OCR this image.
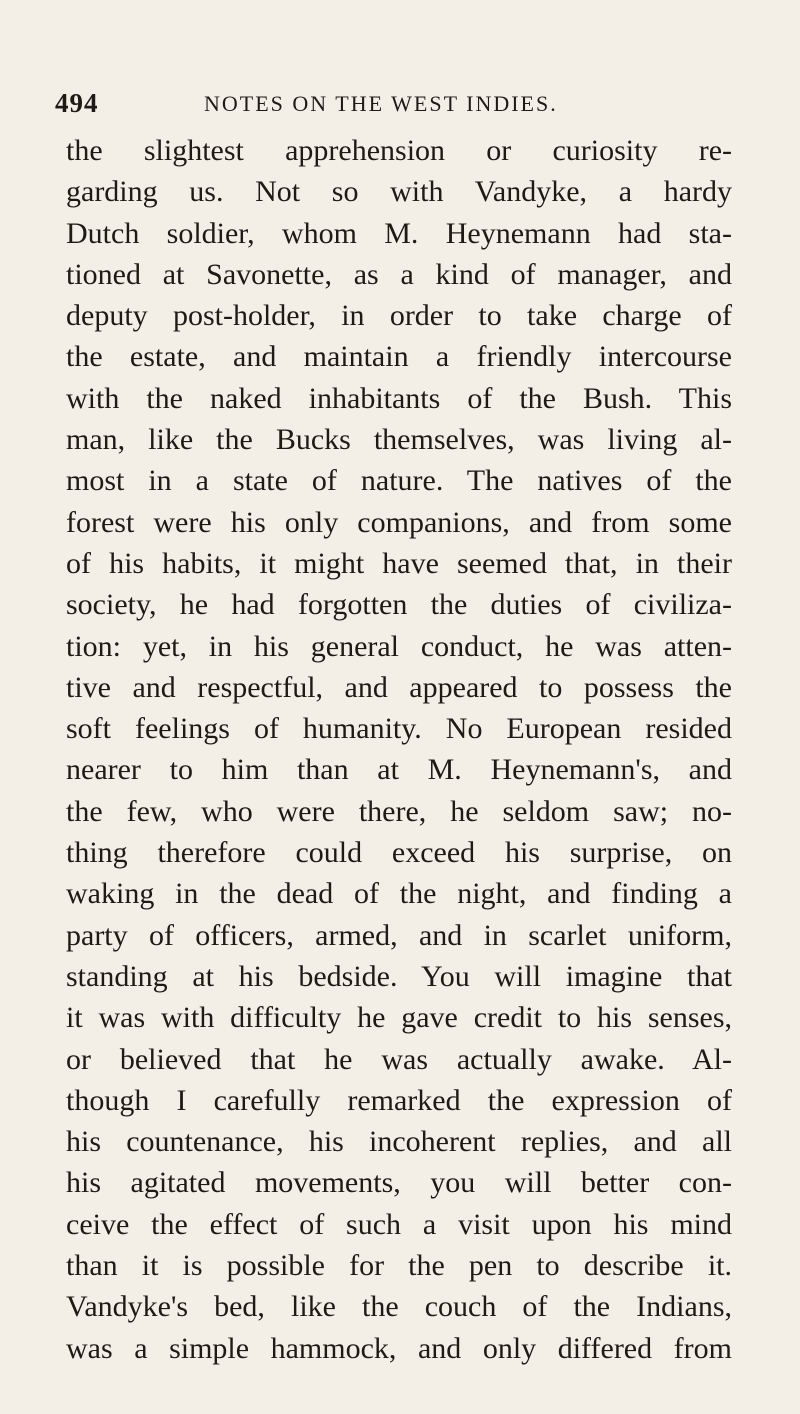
494	NOTES ON THE WEST INDIES.
the slightest apprehension or curiosity re-
garding us. Not so with Vandyke, a hardy
Dutch soldier, whom M. Heynemann had sta-
tioned at Savonette, as a kind of manager, and
deputy post-holder, in order to take charge of
the estate, and maintain a friendly intercourse
with the naked inhabitants of the Bush. This
man, like the Bucks themselves, was living al-
most in a state of nature. The natives of the
forest were his only companions, and from some
of his habits, it might have seemed that, in their
society, he had forgotten the duties of civiliza-
tion: yet, in his general conduct, he was atten-
tive and respectful, and appeared to possess the
soft feelings of humanity. No European resided
nearer to him than at M. Heynemann's, and
the few, who were there, he seldom saw; no-
thing therefore could exceed his surprise, on
waking in the dead of the night, and finding a
party of officers, armed, and in scarlet uniform,
standing at his bedside. You will imagine that
it was with difficulty he gave credit to his senses,
or believed that he was actually awake. Al-
though I carefully remarked the expression of
his countenance, his incoherent replies, and all
his agitated movements, you will better con-
ceive the effect of such a visit upon his mind
than it is possible for the pen to describe it.
Vandyke's bed, like the couch of the Indians,
was a simple hammock, and only differed from
